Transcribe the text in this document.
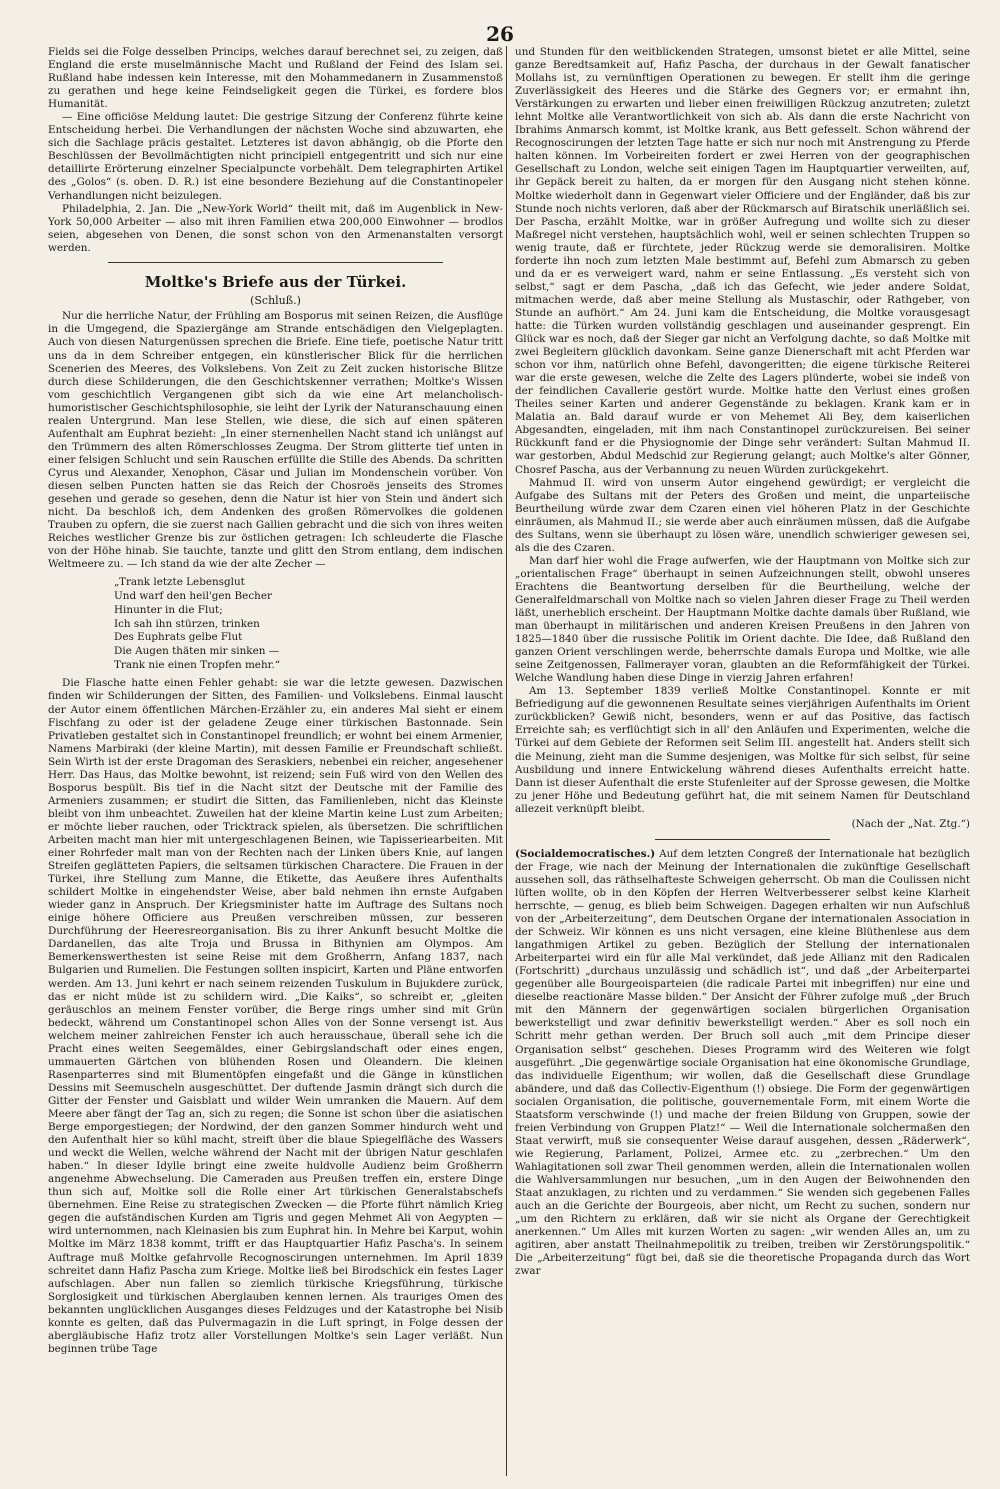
26

Fields sei die Folge desselben Princips, welches darauf berechnet sei, zu zeigen, daß England die erste muselmännische Macht und Rußland der Feind des Islam sei. Rußland habe indessen kein Interesse, mit den Mohammedanern in Zusammenstoß zu gerathen und hege keine Feindseligkeit gegen die Türkei, es fordere blos Humanität.

— Eine officiöse Meldung lautet: Die gestrige Sitzung der Conferenz führte keine Entscheidung herbei. Die Verhandlungen der nächsten Woche sind abzuwarten, ehe sich die Sachlage präcis gestaltet. Letzteres ist davon abhängig, ob die Pforte den Beschlüssen der Bevollmächtigten nicht principiell entgegentritt und sich nur eine detaillirte Erörterung einzelner Specialpuncte vorbehält. Dem telegraphirten Artikel des „Golos“ (s. oben. D. R.) ist eine besondere Beziehung auf die Constantinopeler Verhandlungen nicht beizulegen.

Philadelphia, 2. Jan. Die „New-York World“ theilt mit, daß im Augenblick in New-York 50,000 Arbeiter — also mit ihren Familien etwa 200,000 Einwohner — brodlos seien, abgesehen von Denen, die sonst schon von den Armenanstalten versorgt werden.

Moltke's Briefe aus der Türkei.
(Schluß.)

Nur die herrliche Natur, der Frühling am Bosporus mit seinen Reizen, die Ausflüge in die Umgegend, die Spaziergänge am Strande entschädigen den Vielgeplagten. Auch von diesen Naturgenüssen sprechen die Briefe. Eine tiefe, poetische Natur tritt uns da in dem Schreiber entgegen, ein künstlerischer Blick für die herrlichen Scenerien des Meeres, des Volkslebens. Von Zeit zu Zeit zucken historische Blitze durch diese Schilderungen, die den Geschichtskenner verrathen; Moltke's Wissen vom geschichtlich Vergangenen gibt sich da wie eine Art melancholisch-humoristischer Geschichtsphilosophie, sie leiht der Lyrik der Naturanschauung einen realen Untergrund. Man lese Stellen, wie diese, die sich auf einen späteren Aufenthalt am Euphrat bezieht: „In einer sternenhellen Nacht stand ich unlängst auf den Trümmern des alten Römerschlosses Zeugma. Der Strom glitterte tief unten in einer felsigen Schlucht und sein Rauschen erfüllte die Stille des Abends. Da schritten Cyrus und Alexander, Xenophon, Cäsar und Julian im Mondenschein vorüber. Von diesen selben Puncten hatten sie das Reich der Chosroës jenseits des Stromes gesehen und gerade so gesehen, denn die Natur ist hier von Stein und ändert sich nicht. Da beschloß ich, dem Andenken des großen Römervolkes die goldenen Trauben zu opfern, die sie zuerst nach Gallien gebracht und die sich von ihres weiten Reiches westlicher Grenze bis zur östlichen getragen: Ich schleuderte die Flasche von der Höhe hinab. Sie tauchte, tanzte und glitt den Strom entlang, dem indischen Weltmeere zu. — Ich stand da wie der alte Zecher —

„Trank letzte Lebensglut
Und warf den heil'gen Becher
Hinunter in die Flut;
Ich sah ihn stürzen, trinken
Des Euphrats gelbe Flut
Die Augen thäten mir sinken —
Trank nie einen Tropfen mehr.“

Die Flasche hatte einen Fehler gehabt: sie war die letzte gewesen. Dazwischen finden wir Schilderungen der Sitten, des Familien- und Volkslebens. Einmal lauscht der Autor einem öffentlichen Märchen-Erzähler zu, ein anderes Mal sieht er einem Fischfang zu oder ist der geladene Zeuge einer türkischen Bastonnade. Sein Privatleben gestaltet sich in Constantinopel freundlich; er wohnt bei einem Armenier, Namens Marbiraki (der kleine Martin), mit dessen Familie er Freundschaft schließt. Sein Wirth ist der erste Dragoman des Seraskiers, nebenbei ein reicher, angesehener Herr. Das Haus, das Moltke bewohnt, ist reizend; sein Fuß wird von den Wellen des Bosporus bespült. Bis tief in die Nacht sitzt der Deutsche mit der Familie des Armeniers zusammen; er studirt die Sitten, das Familienleben, nicht das Kleinste bleibt von ihm unbeachtet. Zuweilen hat der kleine Martin keine Lust zum Arbeiten; er möchte lieber rauchen, oder Tricktrack spielen, als übersetzen. Die schriftlichen Arbeiten macht man hier mit untergeschlagenen Beinen, wie Tapisseriearbeiten. Mit einer Rohrfeder malt man von der Rechten nach der Linken übers Knie, auf langen Streifen geglätteten Papiers, die seltsamen türkischen Charactere. Die Frauen in der Türkei, ihre Stellung zum Manne, die Etikette, das Aeußere ihres Aufenthalts schildert Moltke in eingehendster Weise, aber bald nehmen ihn ernste Aufgaben wieder ganz in Anspruch. Der Kriegsminister hatte im Auftrage des Sultans noch einige höhere Officiere aus Preußen verschreiben müssen, zur besseren Durchführung der Heeresreorganisation. Bis zu ihrer Ankunft besucht Moltke die Dardanellen, das alte Troja und Brussa in Bithynien am Olympos. Am Bemerkenswerthesten ist seine Reise mit dem Großherrn, Anfang 1837, nach Bulgarien und Rumelien. Die Festungen sollten inspicirt, Karten und Pläne entworfen werden. Am 13. Juni kehrt er nach seinem reizenden Tuskulum in Bujukdere zurück, das er nicht müde ist zu schildern wird. „Die Kaiks“, so schreibt er, „gleiten geräuschlos an meinem Fenster vorüber, die Berge rings umher sind mit Grün bedeckt, während um Constantinopel schon Alles von der Sonne versengt ist. Aus welchem meiner zahlreichen Fenster ich auch herausschaue, überall sehe ich die Pracht eines weiten Seegemäldes, einer Gebirgslandschaft oder eines engen, ummauerten Gärtchen von blühenden Rosen und Oleandern. Die kleinen Rasenparterres sind mit Blumentöpfen eingefaßt und die Gänge in künstlichen Dessins mit Seemuscheln ausgeschüttet. Der duftende Jasmin drängt sich durch die Gitter der Fenster und Gaisblatt und wilder Wein umranken die Mauern. Auf dem Meere aber fängt der Tag an, sich zu regen; die Sonne ist schon über die asiatischen Berge emporgestiegen; der Nordwind, der den ganzen Sommer hindurch weht und den Aufenthalt hier so kühl macht, streift über die blaue Spiegelfläche des Wassers und weckt die Wellen, welche während der Nacht mit der übrigen Natur geschlafen haben.“ In dieser Idylle bringt eine zweite huldvolle Audienz beim Großherrn angenehme Abwechselung. Die Cameraden aus Preußen treffen ein, erstere Dinge thun sich auf, Moltke soll die Rolle einer Art türkischen Generalstabschefs übernehmen. Eine Reise zu strategischen Zwecken — die Pforte führt nämlich Krieg gegen die aufständischen Kurden am Tigris und gegen Mehmet Ali von Aegypten — wird unternommen, nach Kleinasien bis zum Euphrat hin. In Mehre bei Karput, wohin Moltke im März 1838 kommt, trifft er das Hauptquartier Hafiz Pascha's. In seinem Auftrage muß Moltke gefahrvolle Recognoscirungen unternehmen. Im April 1839 schreitet dann Hafiz Pascha zum Kriege. Moltke ließ bei Birodschick ein festes Lager aufschlagen. Aber nun fallen so ziemlich türkische Kriegsführung, türkische Sorglosigkeit und türkischen Aberglauben kennen lernen. Als trauriges Omen des bekannten unglücklichen Ausganges dieses Feldzuges und der Katastrophe bei Nisib konnte es gelten, daß das Pulvermagazin in die Luft springt, in Folge dessen der abergläubische Hafiz trotz aller Vorstellungen Moltke's sein Lager verläßt. Nun beginnen trübe Tage

und Stunden für den weitblickenden Strategen, umsonst bietet er alle Mittel, seine ganze Beredtsamkeit auf, Hafiz Pascha, der durchaus in der Gewalt fanatischer Mollahs ist, zu vernünftigen Operationen zu bewegen. Er stellt ihm die geringe Zuverlässigkeit des Heeres und die Stärke des Gegners vor; er ermahnt ihn, Verstärkungen zu erwarten und lieber einen freiwilligen Rückzug anzutreten; zuletzt lehnt Moltke alle Verantwortlichkeit von sich ab. Als dann die erste Nachricht von Ibrahims Anmarsch kommt, ist Moltke krank, aus Bett gefesselt. Schon während der Recognoscirungen der letzten Tage hatte er sich nur noch mit Anstrengung zu Pferde halten können. Im Vorbeireiten fordert er zwei Herren von der geographischen Gesellschaft zu London, welche seit einigen Tagen im Hauptquartier verweilten, auf, ihr Gepäck bereit zu halten, da er morgen für den Ausgang nicht stehen könne. Moltke wiederholt dann in Gegenwart vieler Officiere und der Engländer, daß bis zur Stunde noch nichts verloren, daß aber der Rückmarsch auf Biratschik unerläßlich sei. Der Pascha, erzählt Moltke, war in größer Aufregung und wollte sich zu dieser Maßregel nicht verstehen, hauptsächlich wohl, weil er seinen schlechten Truppen so wenig traute, daß er fürchtete, jeder Rückzug werde sie demoralisiren. Moltke forderte ihn noch zum letzten Male bestimmt auf, Befehl zum Abmarsch zu geben und da er es verweigert ward, nahm er seine Entlassung. „Es versteht sich von selbst,“ sagt er dem Pascha, „daß ich das Gefecht, wie jeder andere Soldat, mitmachen werde, daß aber meine Stellung als Mustaschir, oder Rathgeber, von Stunde an aufhört.“ Am 24. Juni kam die Entscheidung, die Moltke vorausgesagt hatte: die Türken wurden vollständig geschlagen und auseinander gesprengt. Ein Glück war es noch, daß der Sieger gar nicht an Verfolgung dachte, so daß Moltke mit zwei Begleitern glücklich davonkam. Seine ganze Dienerschaft mit acht Pferden war schon vor ihm, natürlich ohne Befehl, davongeritten; die eigene türkische Reiterei war die erste gewesen, welche die Zelte des Lagers plünderte, wobei sie indeß von der feindlichen Cavallerie gestört wurde. Moltke hatte den Verlust eines großen Theiles seiner Karten und anderer Gegenstände zu beklagen. Krank kam er in Malatia an. Bald darauf wurde er von Mehemet Ali Bey, dem kaiserlichen Abgesandten, eingeladen, mit ihm nach Constantinopel zurückzureisen. Bei seiner Rückkunft fand er die Physiognomie der Dinge sehr verändert: Sultan Mahmud II. war gestorben, Abdul Medschid zur Regierung gelangt; auch Moltke's alter Gönner, Chosref Pascha, aus der Verbannung zu neuen Würden zurückgekehrt.

Mahmud II. wird von unserm Autor eingehend gewürdigt; er vergleicht die Aufgabe des Sultans mit der Peters des Großen und meint, die unparteiische Beurtheilung würde zwar dem Czaren einen viel höheren Platz in der Geschichte einräumen, als Mahmud II.; sie werde aber auch einräumen müssen, daß die Aufgabe des Sultans, wenn sie überhaupt zu lösen wäre, unendlich schwieriger gewesen sei, als die des Czaren.

Man darf hier wohl die Frage aufwerfen, wie der Hauptmann von Moltke sich zur „orientalischen Frage“ überhaupt in seinen Aufzeichnungen stellt, obwohl unseres Erachtens die Beantwortung derselben für die Beurtheilung, welche der Generalfeldmarschall von Moltke nach so vielen Jahren dieser Frage zu Theil werden läßt, unerheblich erscheint. Der Hauptmann Moltke dachte damals über Rußland, wie man überhaupt in militärischen und anderen Kreisen Preußens in den Jahren von 1825—1840 über die russische Politik im Orient dachte. Die Idee, daß Rußland den ganzen Orient verschlingen werde, beherrschte damals Europa und Moltke, wie alle seine Zeitgenossen, Fallmerayer voran, glaubten an die Reformfähigkeit der Türkei. Welche Wandlung haben diese Dinge in vierzig Jahren erfahren!

Am 13. September 1839 verließ Moltke Constantinopel. Konnte er mit Befriedigung auf die gewonnenen Resultate seines vierjährigen Aufenthalts im Orient zurückblicken? Gewiß nicht, besonders, wenn er auf das Positive, das factisch Erreichte sah; es verflüchtigt sich in all' den Anläufen und Experimenten, welche die Türkei auf dem Gebiete der Reformen seit Selim III. angestellt hat. Anders stellt sich die Meinung, zieht man die Summe desjenigen, was Moltke für sich selbst, für seine Ausbildung und innere Entwickelung während dieses Aufenthalts erreicht hatte. Dann ist dieser Aufenthalt die erste Stufenleiter auf der Sprosse gewesen, die Moltke zu jener Höhe und Bedeutung geführt hat, die mit seinem Namen für Deutschland allezeit verknüpft bleibt.

(Nach der „Nat. Ztg.“)

(Socialdemocratisches.) Auf dem letzten Congreß der Internationale hat bezüglich der Frage, wie nach der Meinung der Internationalen die zukünftige Gesellschaft aussehen soll, das räthselhafteste Schweigen geherrscht. Ob man die Coulissen nicht lüften wollte, ob in den Köpfen der Herren Weltverbesserer selbst keine Klarheit herrschte, — genug, es blieb beim Schweigen. Dagegen erhalten wir nun Aufschluß von der „Arbeiterzeitung“, dem Deutschen Organe der internationalen Association in der Schweiz. Wir können es uns nicht versagen, eine kleine Blüthenlese aus dem langathmigen Artikel zu geben. Bezüglich der Stellung der internationalen Arbeiterpartei wird ein für alle Mal verkündet, daß jede Allianz mit den Radicalen (Fortschritt) „durchaus unzulässig und schädlich ist“, und daß „der Arbeiterpartei gegenüber alle Bourgeoisparteien (die radicale Partei mit inbegriffen) nur eine und dieselbe reactionäre Masse bilden.“ Der Ansicht der Führer zufolge muß „der Bruch mit den Männern der gegenwärtigen socialen bürgerlichen Organisation bewerkstelligt und zwar definitiv bewerkstelligt werden.“ Aber es soll noch ein Schritt mehr gethan werden. Der Bruch soll auch „mit dem Principe dieser Organisation selbst“ geschehen. Dieses Programm wird des Weiteren wie folgt ausgeführt. „Die gegenwärtige sociale Organisation hat eine ökonomische Grundlage, das individuelle Eigenthum; wir wollen, daß die Gesellschaft diese Grundlage abändere, und daß das Collectiv-Eigenthum (!) obsiege. Die Form der gegenwärtigen socialen Organisation, die politische, gouvernementale Form, mit einem Worte die Staatsform verschwinde (!) und mache der freien Bildung von Gruppen, sowie der freien Verbindung von Gruppen Platz!“ — Weil die Internationale solchermaßen den Staat verwirft, muß sie consequenter Weise darauf ausgehen, dessen „Räderwerk“, wie Regierung, Parlament, Polizei, Armee etc. zu „zerbrechen.“ Um den Wahlagitationen soll zwar Theil genommen werden, allein die Internationalen wollen die Wahlversammlungen nur besuchen, „um in den Augen der Beiwohnenden den Staat anzuklagen, zu richten und zu verdammen.“ Sie wenden sich gegebenen Falles auch an die Gerichte der Bourgeois, aber nicht, um Recht zu suchen, sondern nur „um den Richtern zu erklären, daß wir sie nicht als Organe der Gerechtigkeit anerkennen.“ Um Alles mit kurzen Worten zu sagen: „wir wenden Alles an, um zu agitiren, aber anstatt Theilnahmepolitik zu treiben, treiben wir Zerstörungspolitik.“ Die „Arbeiterzeitung“ fügt bei, daß sie die theoretische Propaganda durch das Wort zwar
